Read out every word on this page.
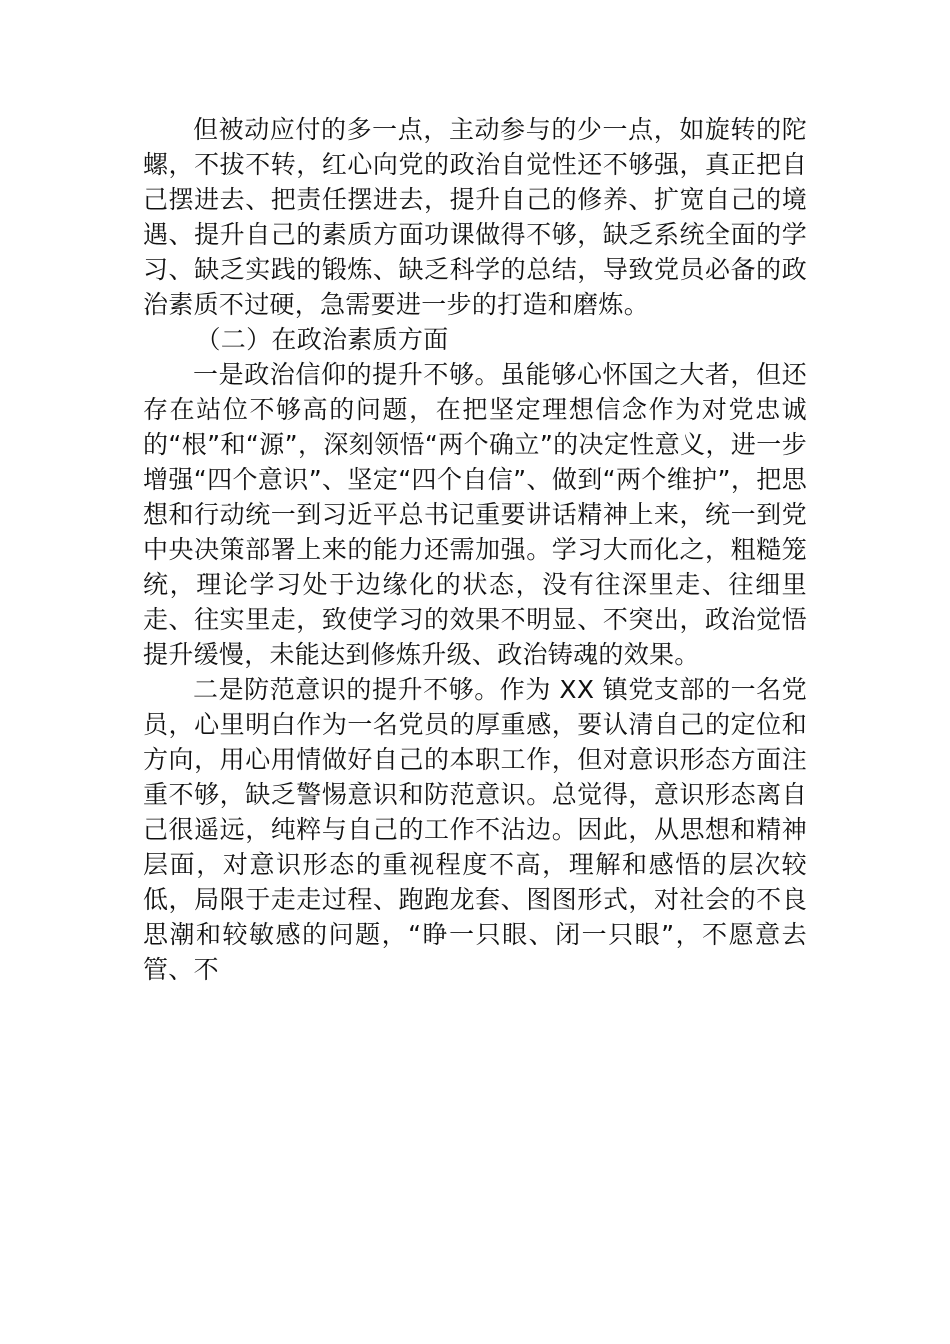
但被动应付的多一点，主动参与的少一点，如旋转的陀螺，不拔不转，红心向党的政治自觉性还不够强，真正把自己摆进去、把责任摆进去，提升自己的修养、扩宽自己的境遇、提升自己的素质方面功课做得不够，缺乏系统全面的学习、缺乏实践的锻炼、缺乏科学的总结，导致党员必备的政治素质不过硬，急需要进一步的打造和磨炼。

（二）在政治素质方面

一是政治信仰的提升不够。虽能够心怀国之大者，但还存在站位不够高的问题，在把坚定理想信念作为对党忠诚的“根”和“源”，深刻领悟“两个确立”的决定性意义，进一步增强“四个意识”、坚定“四个自信”、做到“两个维护”，把思想和行动统一到习近平总书记重要讲话精神上来，统一到党中央决策部署上来的能力还需加强。学习大而化之，粗糙笼统，理论学习处于边缘化的状态，没有往深里走、往细里走、往实里走，致使学习的效果不明显、不突出，政治觉悟提升缓慢，未能达到修炼升级、政治铸魂的效果。

二是防范意识的提升不够。作为 XX 镇党支部的一名党员，心里明白作为一名党员的厚重感，要认清自己的定位和方向，用心用情做好自己的本职工作，但对意识形态方面注重不够，缺乏警惕意识和防范意识。总觉得，意识形态离自己很遥远，纯粹与自己的工作不沾边。因此，从思想和精神层面，对意识形态的重视程度不高，理解和感悟的层次较低，局限于走走过程、跑跑龙套、图图形式，对社会的不良思潮和较敏感的问题，“睁一只眼、闭一只眼”，不愿意去管、不
